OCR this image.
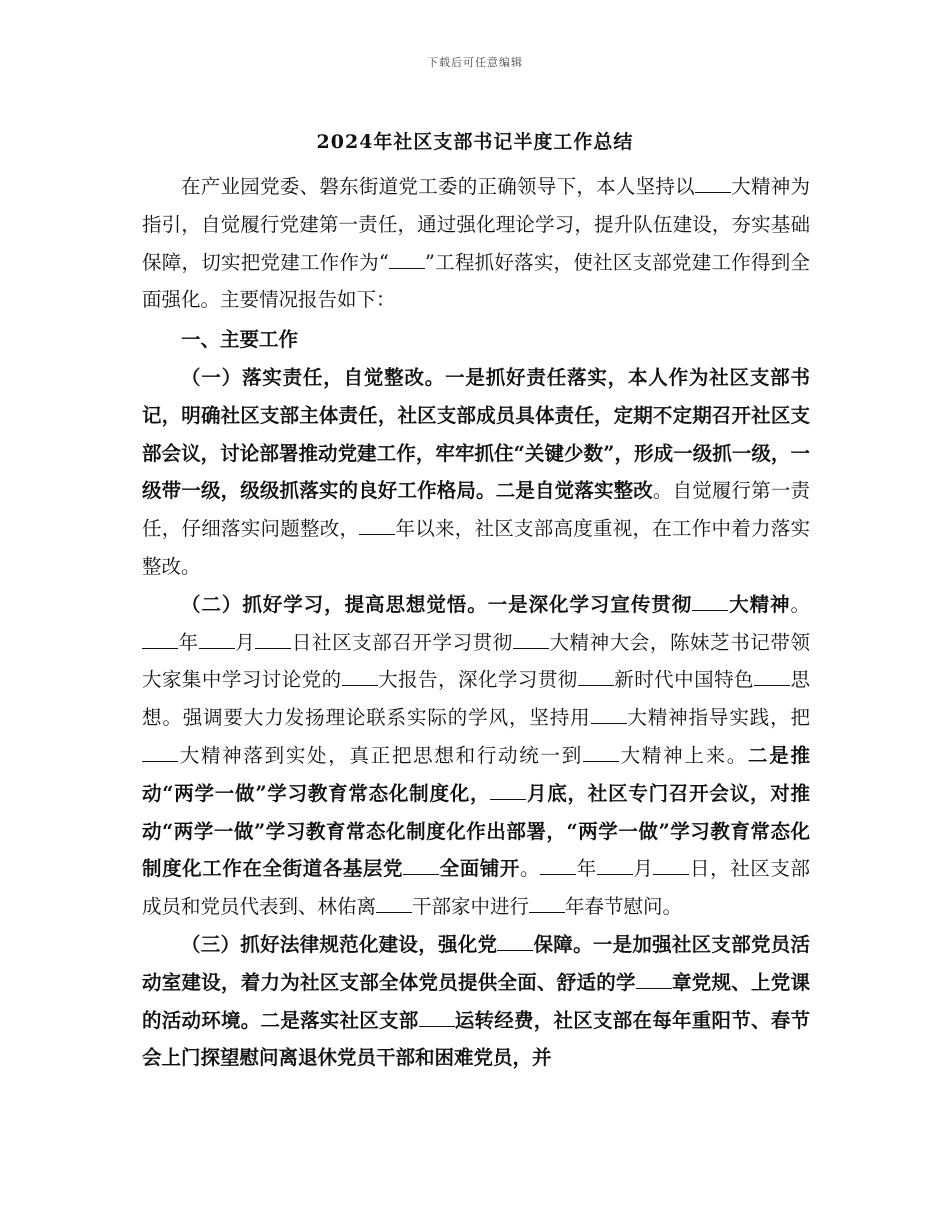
下载后可任意编辑
2024年社区支部书记半度工作总结

在产业园党委、磐东街道党工委的正确领导下，本人坚持以 大精神为指引，自觉履行党建第一责任，通过强化理论学习，提升队伍建设，夯实基础保障，切实把党建工作作为“ ”工程抓好落实，使社区支部党建工作得到全面强化。主要情况报告如下：

一、主要工作

（一）落实责任，自觉整改。一是抓好责任落实，本人作为社区支部书记，明确社区支部主体责任，社区支部成员具体责任，定期不定期召开社区支部会议，讨论部署推动党建工作，牢牢抓住“关键少数”，形成一级抓一级，一级带一级，级级抓落实的良好工作格局。二是自觉落实整改。自觉履行第一责任，仔细落实问题整改， 年以来，社区支部高度重视，在工作中着力落实整改。

（二）抓好学习，提高思想觉悟。一是深化学习宣传贯彻 大精神。年 月 日社区支部召开学习贯彻 大精神大会，陈妹芝书记带领大家集中学习讨论党的 大报告，深化学习贯彻 新时代中国特色 思想。强调要大力发扬理论联系实际的学风，坚持用 大精神指导实践，把大精神落到实处，真正把思想和行动统一到 大精神上来。二是推动“两学一做”学习教育常态化制度化， 月底，社区专门召开会议，对推动“两学一做”学习教育常态化制度化作出部署，“两学一做”学习教育常态化制度化工作在全街道各基层党 全面铺开。 年 月 日，社区支部成员和党员代表到、林佑离 干部家中进行 年春节慰问。

（三）抓好法律规范化建设，强化党 保障。一是加强社区支部党员活动室建设，着力为社区支部全体党员提供全面、舒适的学 章党规、上党课的活动环境。二是落实社区支部 运转经费，社区支部在每年重阳节、春节会上门探望慰问离退休党员干部和困难党员，并
